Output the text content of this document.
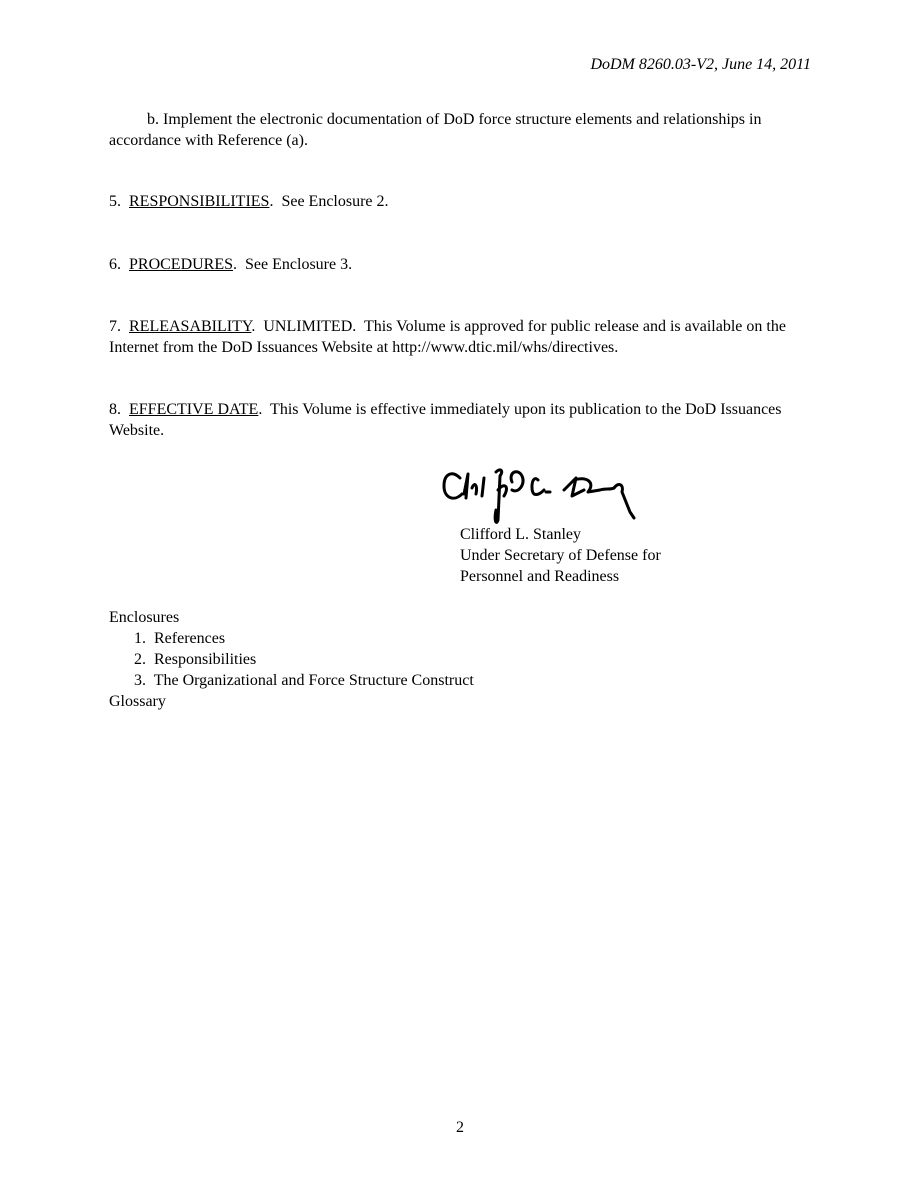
DoDM 8260.03-V2, June 14, 2011
b. Implement the electronic documentation of DoD force structure elements and relationships in accordance with Reference (a).
5.  RESPONSIBILITIES.  See Enclosure 2.
6.  PROCEDURES.  See Enclosure 3.
7.  RELEASABILITY.  UNLIMITED.  This Volume is approved for public release and is available on the Internet from the DoD Issuances Website at http://www.dtic.mil/whs/directives.
8.  EFFECTIVE DATE.  This Volume is effective immediately upon its publication to the DoD Issuances Website.
Clifford L. Stanley
Under Secretary of Defense for
Personnel and Readiness
Enclosures
1.  References
2.  Responsibilities
3.  The Organizational and Force Structure Construct
Glossary
2
